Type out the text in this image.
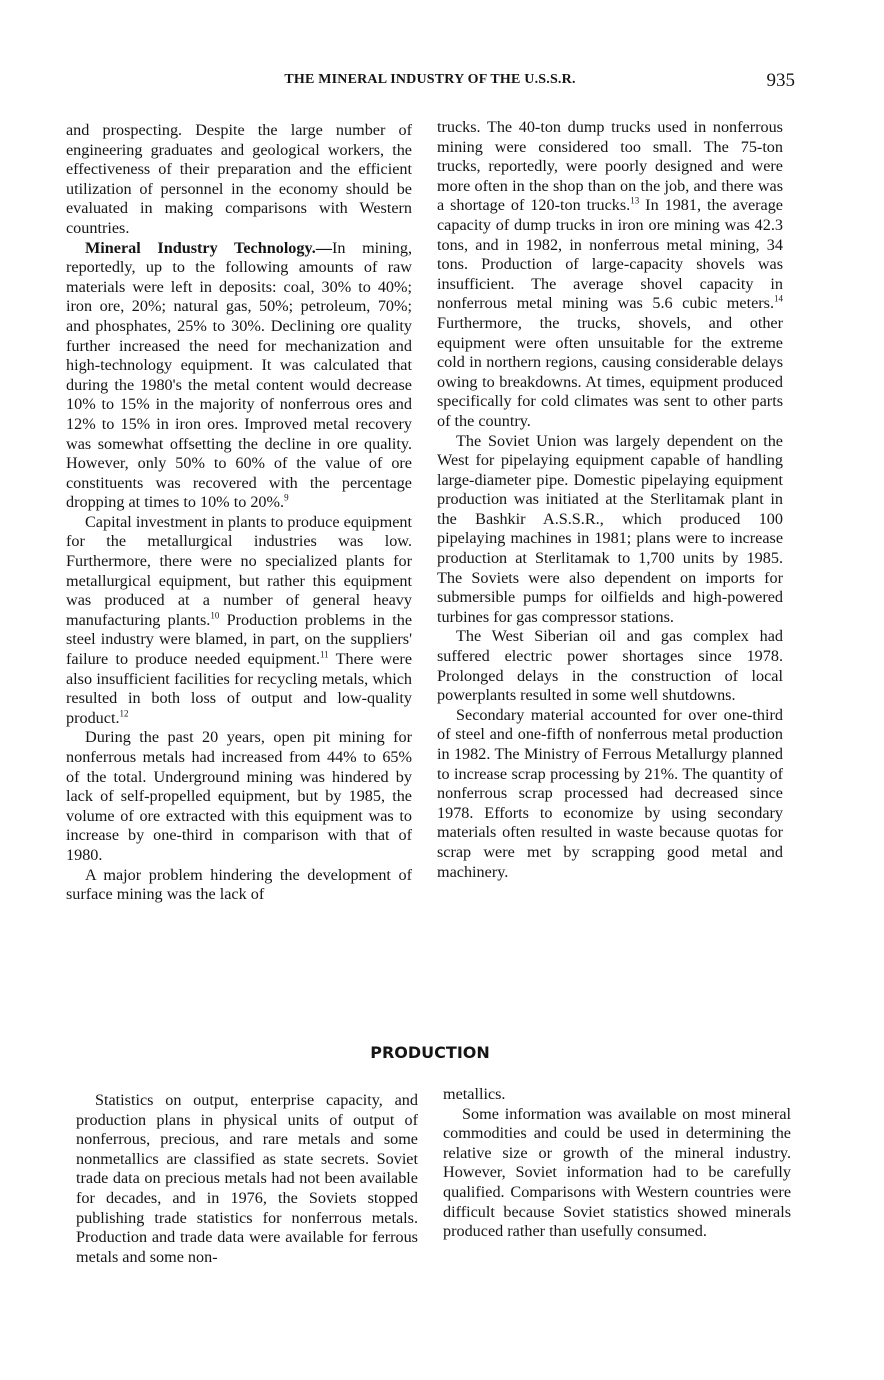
THE MINERAL INDUSTRY OF THE U.S.S.R.	935

and prospecting. Despite the large number of engineering graduates and geological workers, the effectiveness of their preparation and the efficient utilization of personnel in the economy should be evaluated in making comparisons with Western countries.

Mineral Industry Technology.—In mining, reportedly, up to the following amounts of raw materials were left in deposits: coal, 30% to 40%; iron ore, 20%; natural gas, 50%; petroleum, 70%; and phosphates, 25% to 30%. Declining ore quality further increased the need for mechanization and high-technology equipment. It was calculated that during the 1980's the metal content would decrease 10% to 15% in the majority of nonferrous ores and 12% to 15% in iron ores. Improved metal recovery was somewhat offsetting the decline in ore quality. However, only 50% to 60% of the value of ore constituents was recovered with the percentage dropping at times to 10% to 20%.$^9$

Capital investment in plants to produce equipment for the metallurgical industries was low. Furthermore, there were no specialized plants for metallurgical equipment, but rather this equipment was produced at a number of general heavy manufacturing plants.$^{10}$ Production problems in the steel industry were blamed, in part, on the suppliers' failure to produce needed equipment.$^{11}$ There were also insufficient facilities for recycling metals, which resulted in both loss of output and low-quality product.$^{12}$

During the past 20 years, open pit mining for nonferrous metals had increased from 44% to 65% of the total. Underground mining was hindered by lack of self-propelled equipment, but by 1985, the volume of ore extracted with this equipment was to increase by one-third in comparison with that of 1980.

A major problem hindering the development of surface mining was the lack of

trucks. The 40-ton dump trucks used in nonferrous mining were considered too small. The 75-ton trucks, reportedly, were poorly designed and were more often in the shop than on the job, and there was a shortage of 120-ton trucks.$^{13}$ In 1981, the average capacity of dump trucks in iron ore mining was 42.3 tons, and in 1982, in nonferrous metal mining, 34 tons. Production of large-capacity shovels was insufficient. The average shovel capacity in nonferrous metal mining was 5.6 cubic meters.$^{14}$ Furthermore, the trucks, shovels, and other equipment were often unsuitable for the extreme cold in northern regions, causing considerable delays owing to breakdowns. At times, equipment produced specifically for cold climates was sent to other parts of the country.

The Soviet Union was largely dependent on the West for pipelaying equipment capable of handling large-diameter pipe. Domestic pipelaying equipment production was initiated at the Sterlitamak plant in the Bashkir A.S.S.R., which produced 100 pipelaying machines in 1981; plans were to increase production at Sterlitamak to 1,700 units by 1985. The Soviets were also dependent on imports for submersible pumps for oilfields and high-powered turbines for gas compressor stations.

The West Siberian oil and gas complex had suffered electric power shortages since 1978. Prolonged delays in the construction of local powerplants resulted in some well shutdowns.

Secondary material accounted for over one-third of steel and one-fifth of nonferrous metal production in 1982. The Ministry of Ferrous Metallurgy planned to increase scrap processing by 21%. The quantity of nonferrous scrap processed had decreased since 1978. Efforts to economize by using secondary materials often resulted in waste because quotas for scrap were met by scrapping good metal and machinery.

PRODUCTION

Statistics on output, enterprise capacity, and production plans in physical units of output of nonferrous, precious, and rare metals and some nonmetallics are classified as state secrets. Soviet trade data on precious metals had not been available for decades, and in 1976, the Soviets stopped publishing trade statistics for nonferrous metals. Production and trade data were available for ferrous metals and some non-

metallics.

Some information was available on most mineral commodities and could be used in determining the relative size or growth of the mineral industry. However, Soviet information had to be carefully qualified. Comparisons with Western countries were difficult because Soviet statistics showed minerals produced rather than usefully consumed.
